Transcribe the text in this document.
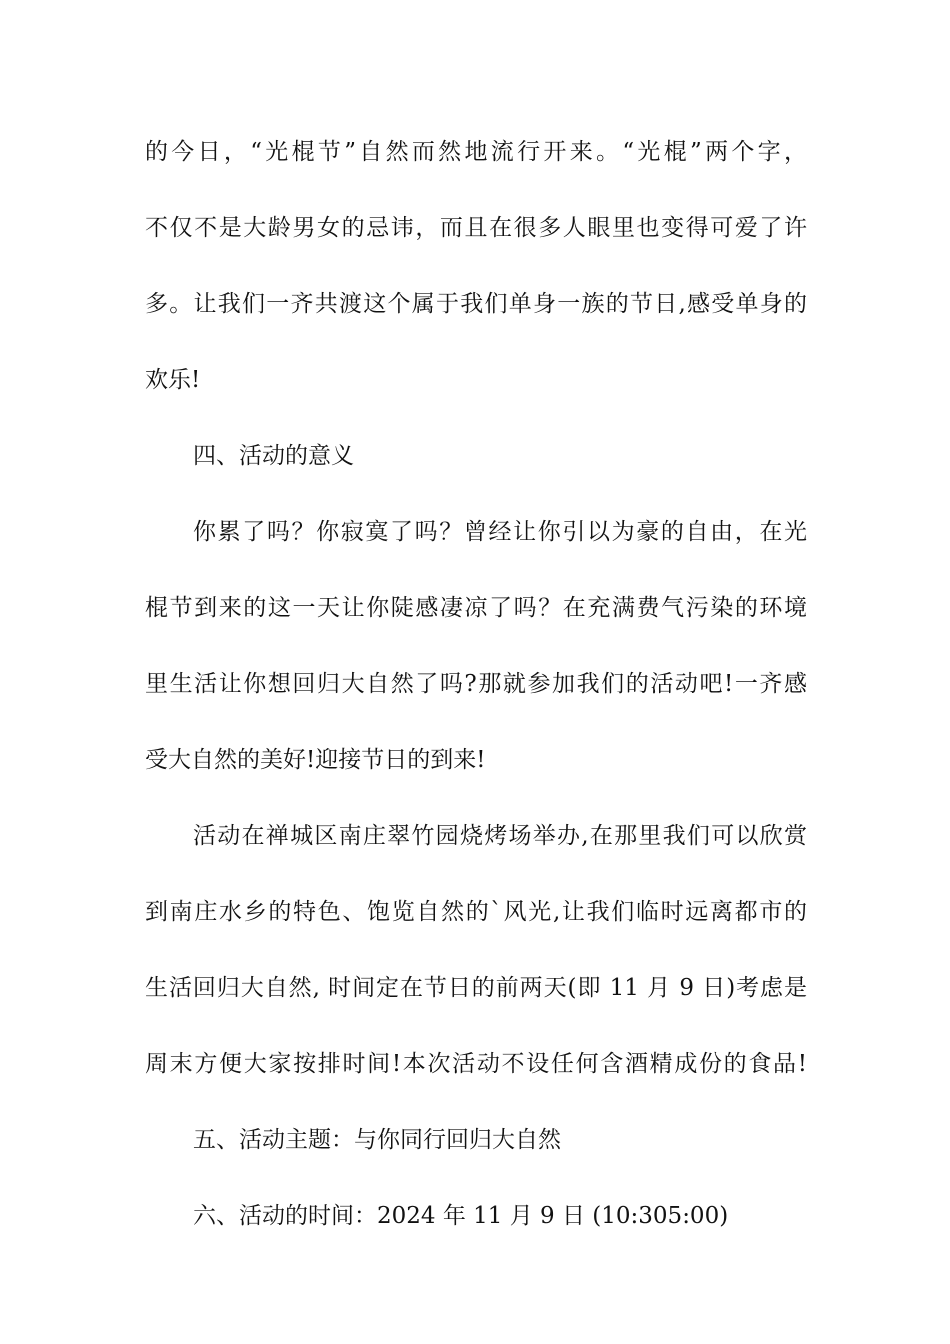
的今日，“光棍节”自然而然地流行开来。“光棍”两个字，
不仅不是大龄男女的忌讳，而且在很多人眼里也变得可爱了许
多。让我们一齐共渡这个属于我们单身一族的节日,感受单身的
欢乐!
四、活动的意义
你累了吗？你寂寞了吗？曾经让你引以为豪的自由，在光
棍节到来的这一天让你陡感凄凉了吗？在充满费气污染的环境
里生活让你想回归大自然了吗?那就参加我们的活动吧!一齐感
受大自然的美好!迎接节日的到来!
活动在禅城区南庄翠竹园烧烤场举办,在那里我们可以欣赏
到南庄水乡的特色、饱览自然的`风光,让我们临时远离都市的
生活回归大自然, 时间定在节日的前两天(即 11 月 9 日)考虑是
周末方便大家按排时间!本次活动不设任何含酒精成份的食品!
五、活动主题：与你同行回归大自然
六、活动的时间：2024 年 11 月 9 日 (10:305:00)
